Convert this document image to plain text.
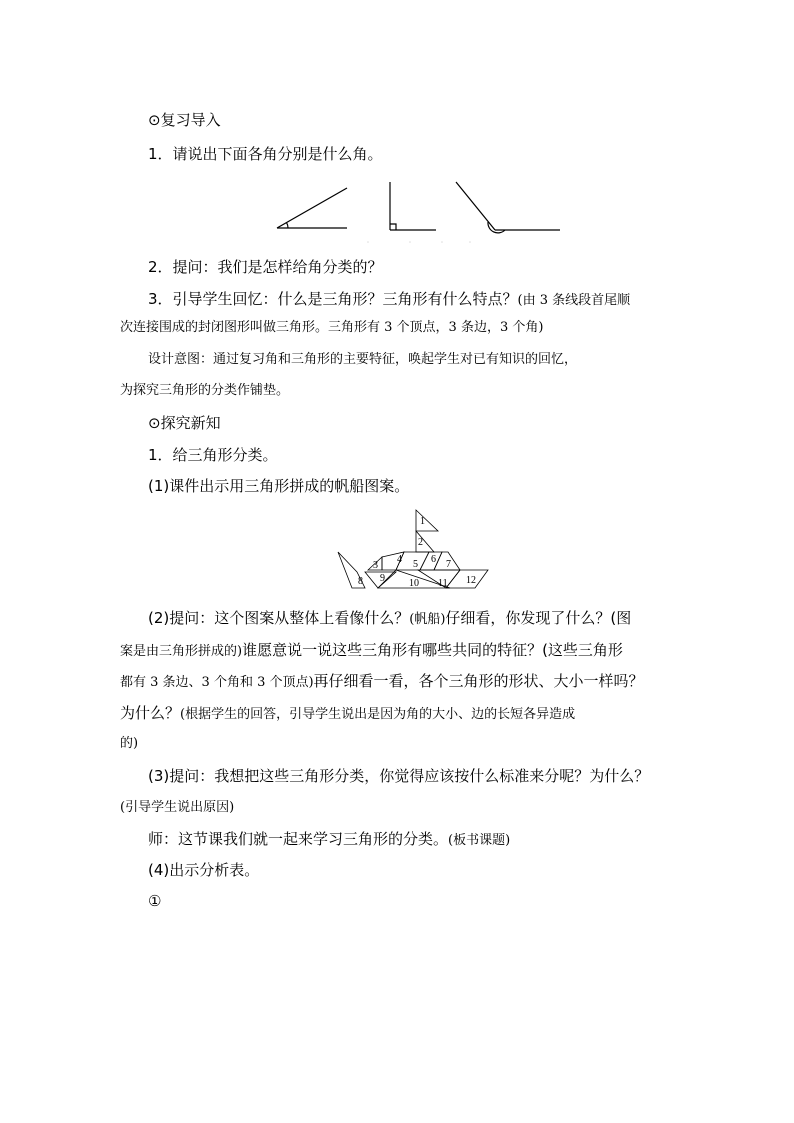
⊙复习导入
1．请说出下面各角分别是什么角。
2．提问：我们是怎样给角分类的？
3．引导学生回忆：什么是三角形？三角形有什么特点？(由 3 条线段首尾顺
次连接围成的封闭图形叫做三角形。三角形有 3 个顶点，3 条边，3 个角)
设计意图：通过复习角和三角形的主要特征，唤起学生对已有知识的回忆，
为探究三角形的分类作铺垫。
⊙探究新知
1．给三角形分类。
(1)课件出示用三角形拼成的帆船图案。
1
2
3
4 5 6 7
8 9 10 11 12
(2)提问：这个图案从整体上看像什么？(帆船)仔细看，你发现了什么？(图
案是由三角形拼成的)谁愿意说一说这些三角形有哪些共同的特征？(这些三角形
都有 3 条边、3 个角和 3 个顶点)再仔细看一看，各个三角形的形状、大小一样吗？
为什么？(根据学生的回答，引导学生说出是因为角的大小、边的长短各异造成
的)
(3)提问：我想把这些三角形分类，你觉得应该按什么标准来分呢？为什么？
(引导学生说出原因)
师：这节课我们就一起来学习三角形的分类。(板书课题)
(4)出示分析表。
①
